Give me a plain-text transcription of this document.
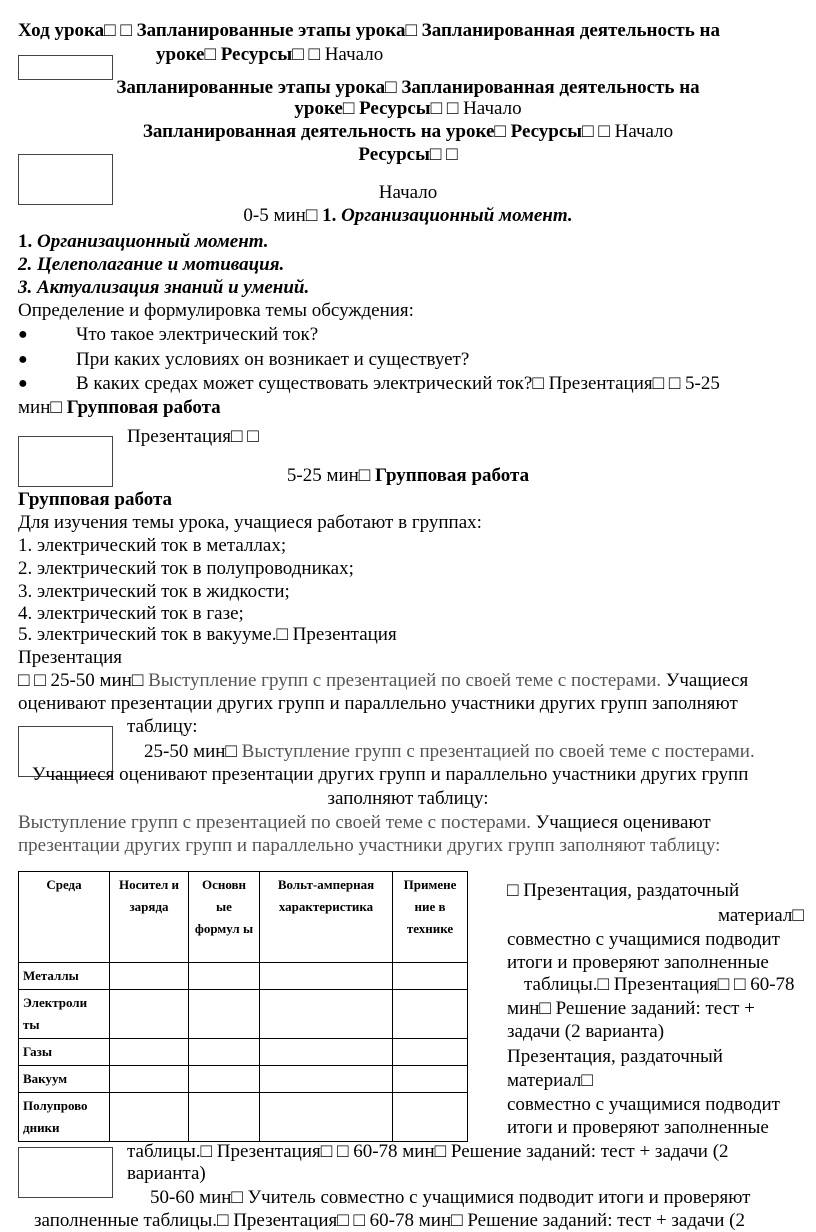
Ход урока□ □ Запланированные этапы урока□ Запланированная деятельность на
уроке□ Ресурсы□ □ Начало
Запланированные этапы урока□ Запланированная деятельность на
уроке□ Ресурсы□ □ Начало
Запланированная деятельность на уроке□ Ресурсы□ □ Начало
Ресурсы□ □
Начало
0-5 мин□ 1. Организационный момент.
1. Организационный момент.
2. Целеполагание и мотивация.
3. Актуализация знаний и умений.
Определение и формулировка темы обсуждения:
●	Что такое электрический ток?
●	При каких условиях он возникает и существует?
●	В каких средах может существовать электрический ток?□ Презентация□ □ 5-25
мин□ Групповая работа
Презентация□ □
5-25 мин□ Групповая работа
Групповая работа
Для изучения темы урока, учащиеся работают в группах:
1. электрический ток в металлах;
2. электрический ток в полупроводниках;
3. электрический ток в жидкости;
4. электрический ток в газе;
5. электрический ток в вакууме.□ Презентация
Презентация
□ □ 25-50 мин□ Выступление групп с презентацией по своей теме с постерами. Учащиеся
оценивают презентации других групп и параллельно участники других групп заполняют
таблицу:
25-50 мин□ Выступление групп с презентацией по своей теме с постерами.
Учащиеся оценивают презентации других групп и параллельно участники других групп
заполняют таблицу:
Выступление групп с презентацией по своей теме с постерами. Учащиеся оценивают
презентации других групп и параллельно участники других групп заполняют таблицу:
Среда	Носител и заряда	Основн ые формул ы	Вольт-амперная характеристика	Примене ние в технике
Металлы				
Электроли ты				
Газы				
Вакуум				
Полупрово дники				
□ Презентация, раздаточный
материал□
совместно с учащимися подводит
итоги и проверяют заполненные
таблицы.□ Презентация□ □ 60-78
мин□ Решение заданий: тест +
задачи (2 варианта)
Презентация, раздаточный
материал□
совместно с учащимися подводит
итоги и проверяют заполненные
таблицы.□ Презентация□ □ 60-78 мин□ Решение заданий: тест + задачи (2
варианта)
50-60 мин□ Учитель совместно с учащимися подводит итоги и проверяют
заполненные таблицы.□ Презентация□ □ 60-78 мин□ Решение заданий: тест + задачи (2
